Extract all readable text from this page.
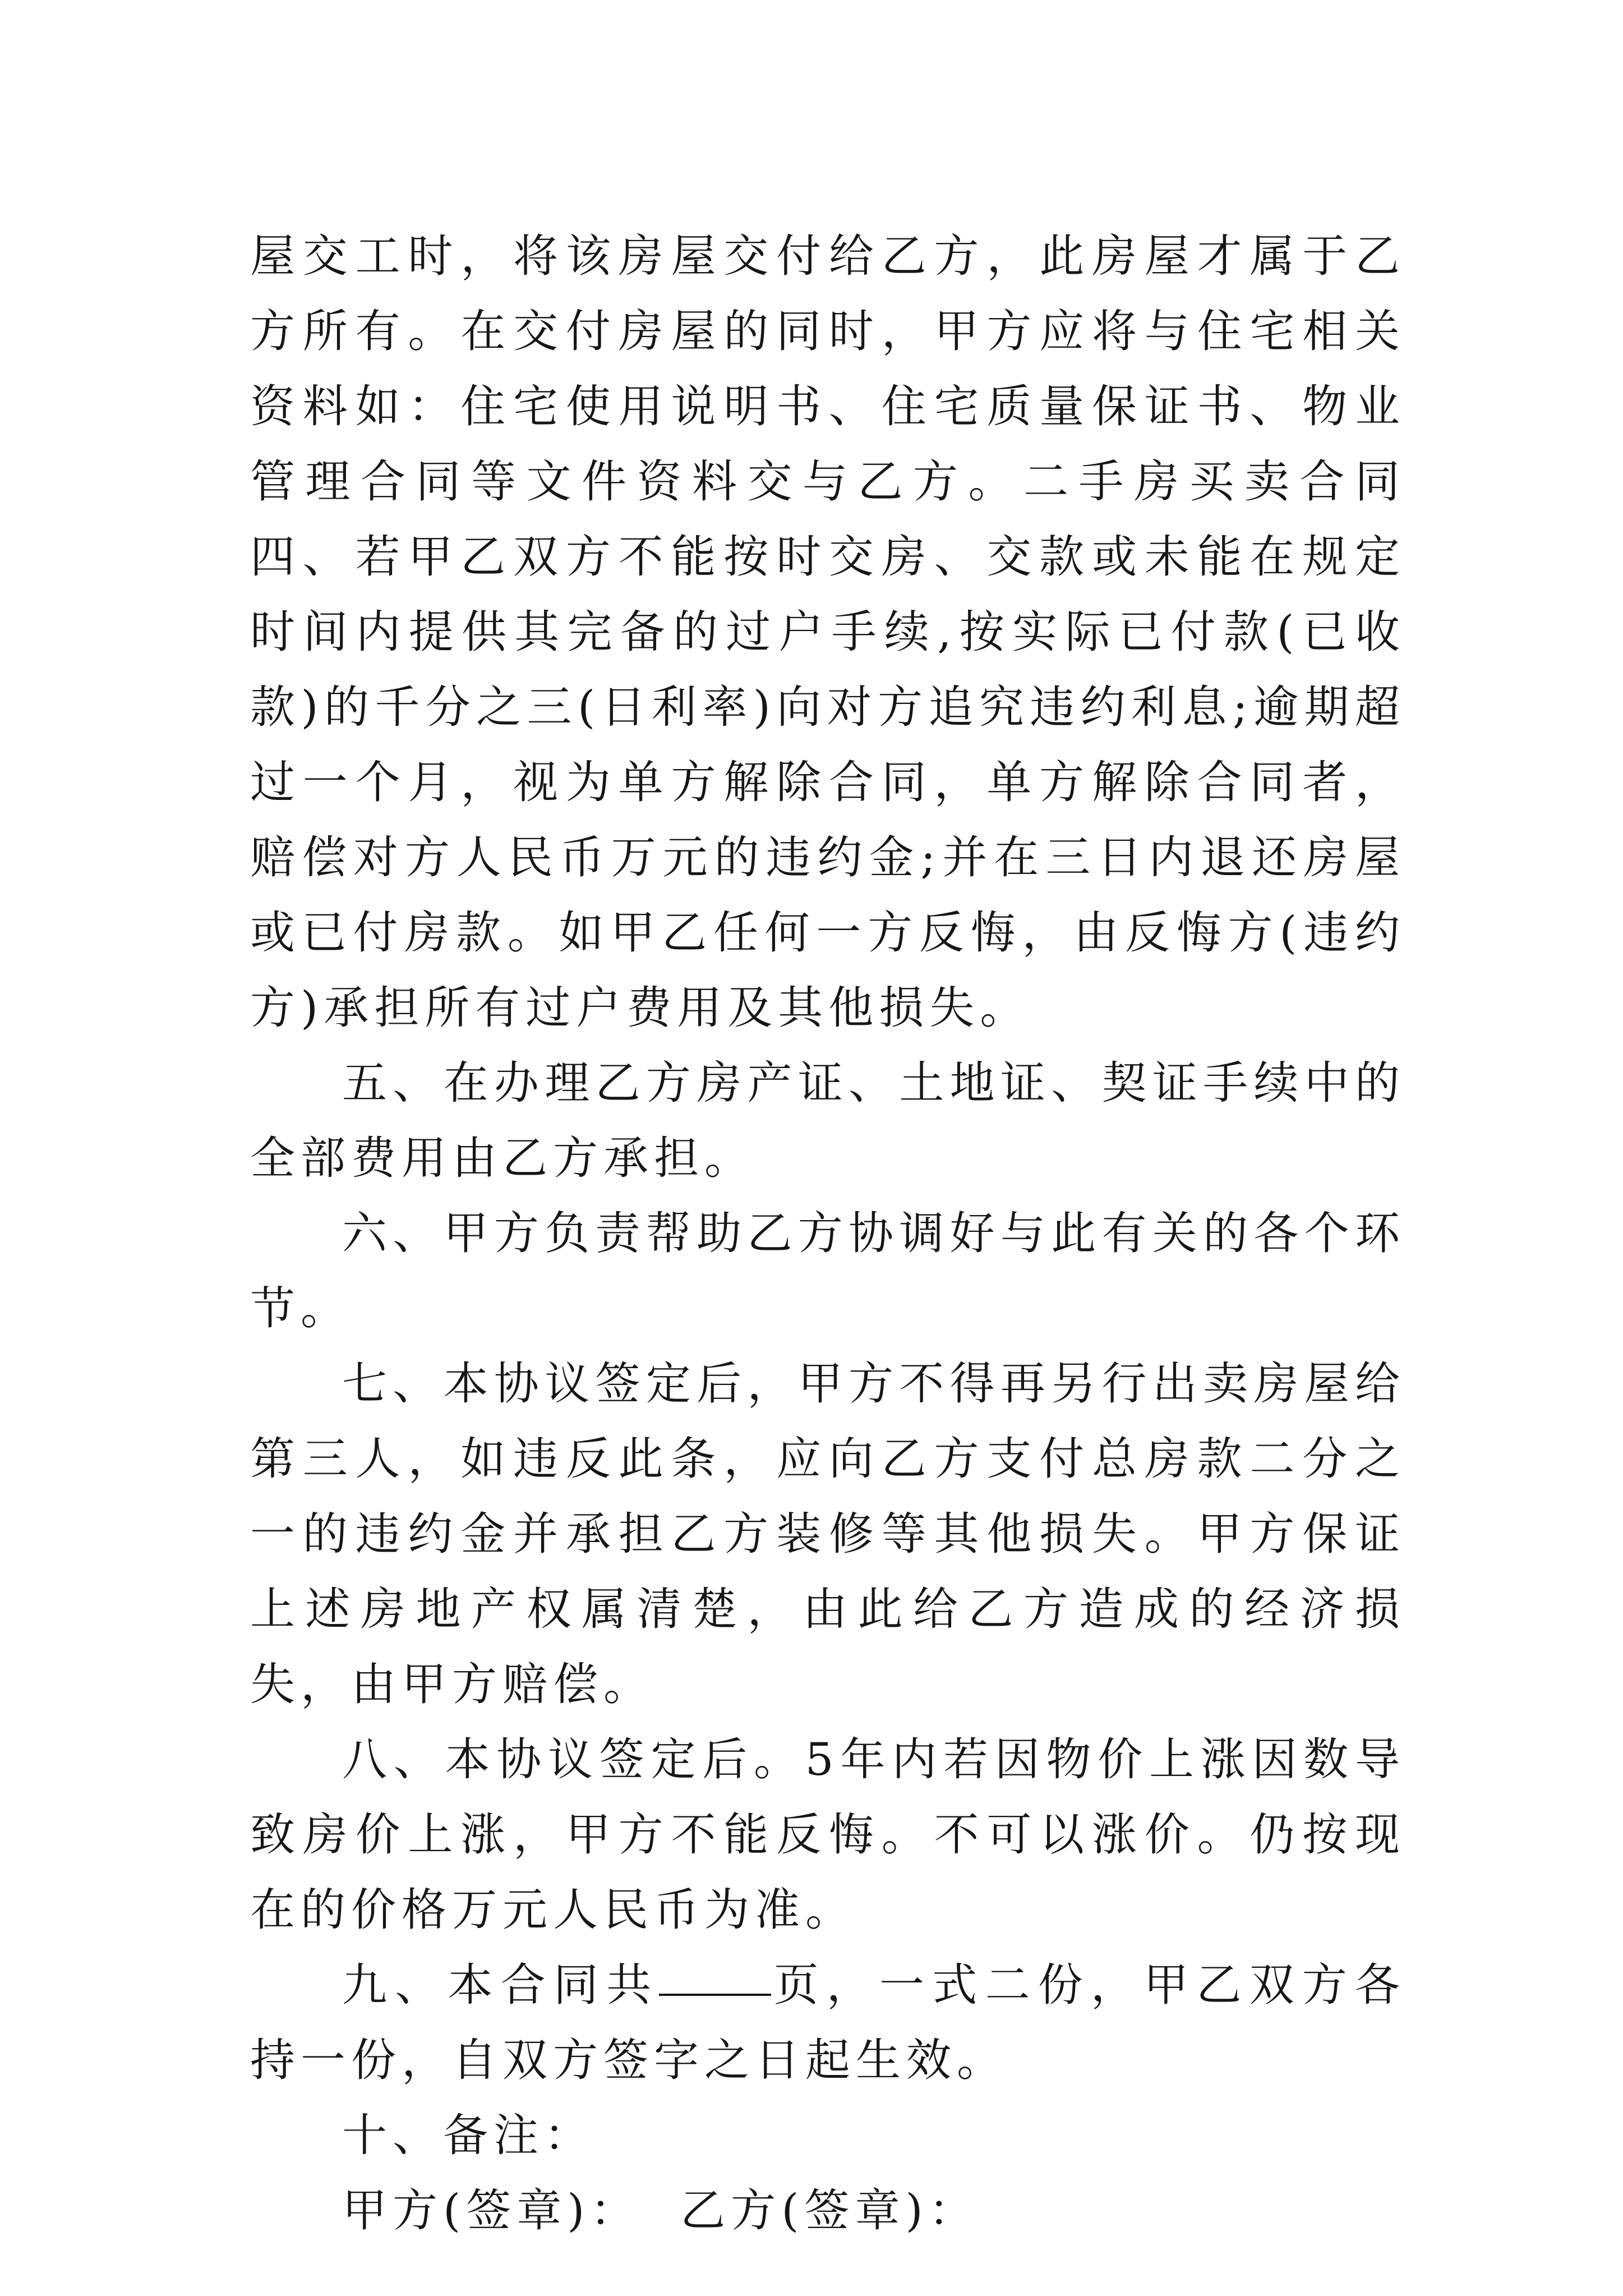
屋交工时，将该房屋交付给乙方，此房屋才属于乙方所有。在交付房屋的同时，甲方应将与住宅相关资料如：住宅使用说明书、住宅质量保证书、物业管理合同等文件资料交与乙方。二手房买卖合同四、若甲乙双方不能按时交房、交款或未能在规定时间内提供其完备的过户手续,按实际已付款(已收款)的千分之三(日利率)向对方追究违约利息;逾期超过一个月，视为单方解除合同，单方解除合同者，赔偿对方人民币万元的违约金;并在三日内退还房屋或已付房款。如甲乙任何一方反悔，由反悔方(违约方)承担所有过户费用及其他损失。

五、在办理乙方房产证、土地证、契证手续中的全部费用由乙方承担。

六、甲方负责帮助乙方协调好与此有关的各个环节。

七、本协议签定后，甲方不得再另行出卖房屋给第三人，如违反此条，应向乙方支付总房款二分之一的违约金并承担乙方装修等其他损失。甲方保证上述房地产权属清楚，由此给乙方造成的经济损失，由甲方赔偿。

八、本协议签定后。5年内若因物价上涨因数导致房价上涨，甲方不能反悔。不可以涨价。仍按现在的价格万元人民币为准。

九、本合同共	页，一式二份，甲乙双方各持一份，自双方签字之日起生效。

十、备注：

甲方(签章)： 乙方(签章)：
